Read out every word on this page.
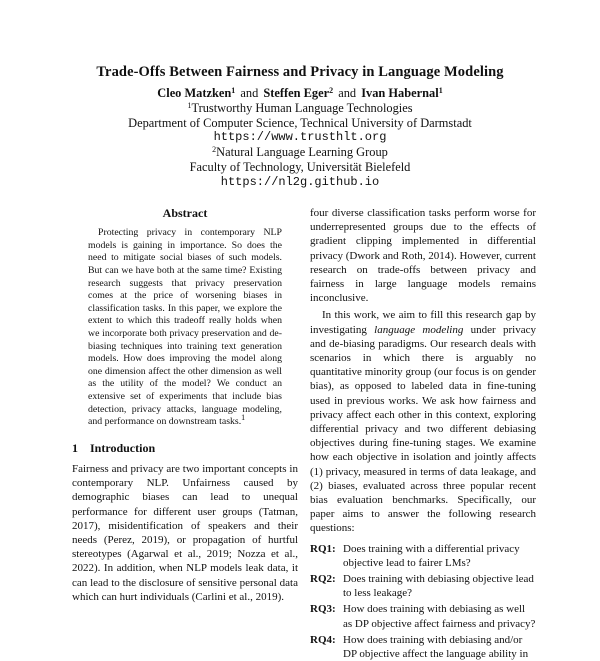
Trade-Offs Between Fairness and Privacy in Language Modeling
Cleo Matzken$^1$ and Steffen Eger$^2$ and Ivan Habernal$^1$
$^1$Trustworthy Human Language Technologies
Department of Computer Science, Technical University of Darmstadt
https://www.trusthlt.org
$^2$Natural Language Learning Group
Faculty of Technology, Universität Bielefeld
https://nl2g.github.io
Abstract
Protecting privacy in contemporary NLP models is gaining in importance. So does the need to mitigate social biases of such models. But can we have both at the same time? Existing research suggests that privacy preservation comes at the price of worsening biases in classification tasks. In this paper, we explore the extent to which this tradeoff really holds when we incorporate both privacy preservation and de-biasing techniques into training text generation models. How does improving the model along one dimension affect the other dimension as well as the utility of the model? We conduct an extensive set of experiments that include bias detection, privacy attacks, language modeling, and performance on downstream tasks.$^1$
1 Introduction

Fairness and privacy are two important concepts in contemporary NLP. Unfairness caused by demographic biases can lead to unequal performance for different user groups (Tatman, 2017), misidentification of speakers and their needs (Perez, 2019), or propagation of hurtful stereotypes (Agarwal et al., 2019; Nozza et al., 2022). In addition, when NLP models leak data, it can lead to the disclosure of sensitive personal data which can hurt individuals (Carlini et al., 2019).

four diverse classification tasks perform worse for underrepresented groups due to the effects of gradient clipping implemented in differential privacy (Dwork and Roth, 2014). However, current research on trade-offs between privacy and fairness in large language models remains inconclusive.

In this work, we aim to fill this research gap by investigating language modeling under privacy and de-biasing paradigms. Our research deals with scenarios in which there is arguably no quantitative minority group (our focus is on gender bias), as opposed to labeled data in fine-tuning used in previous works. We ask how fairness and privacy affect each other in this context, exploring differential privacy and two different debiasing objectives during fine-tuning stages. We examine how each objective in isolation and jointly affects (1) privacy, measured in terms of data leakage, and (2) biases, evaluated across three popular recent bias evaluation benchmarks. Specifically, our paper aims to answer the following research questions:

RQ1: Does training with a differential privacy objective lead to fairer LMs?
RQ2: Does training with debiasing objective lead to less leakage?
RQ3: How does training with debiasing as well as DP objective affect fairness and privacy?
RQ4: How does training with debiasing and/or DP objective affect the language ability in
